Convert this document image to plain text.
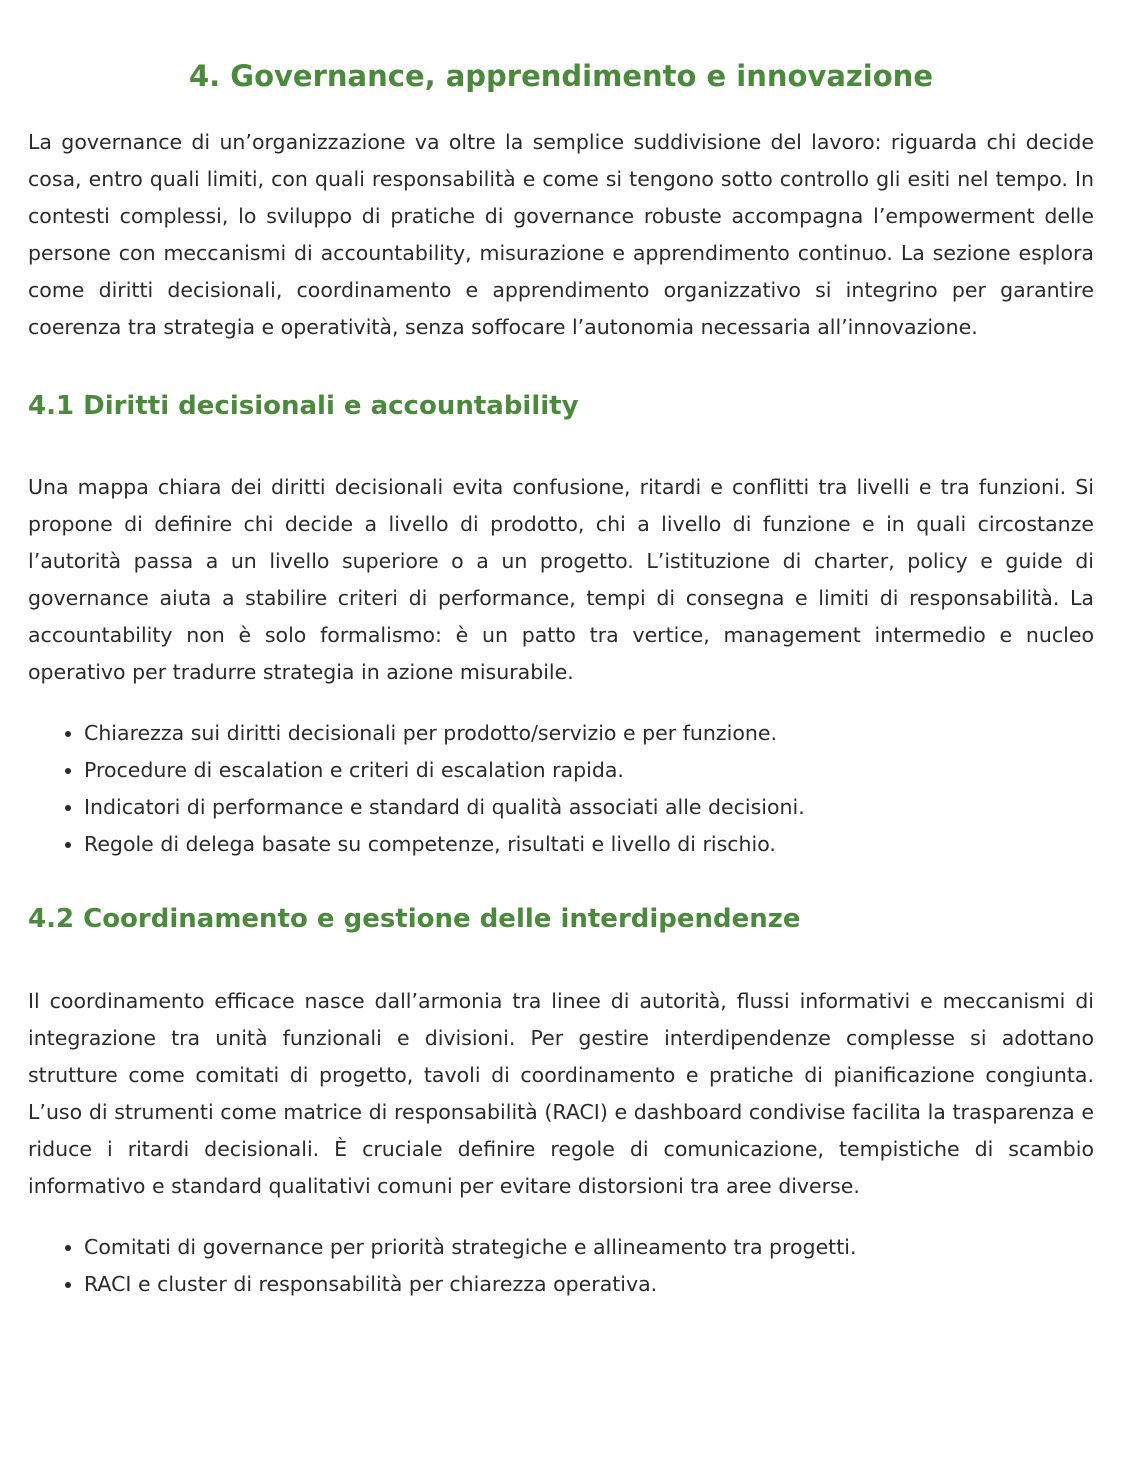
4. Governance, apprendimento e innovazione

La governance di un’organizzazione va oltre la semplice suddivisione del lavoro: riguarda chi decide cosa, entro quali limiti, con quali responsabilità e come si tengono sotto controllo gli esiti nel tempo. In contesti complessi, lo sviluppo di pratiche di governance robuste accompagna l’empowerment delle persone con meccanismi di accountability, misurazione e apprendimento continuo. La sezione esplora come diritti decisionali, coordinamento e apprendimento organizzativo si integrino per garantire coerenza tra strategia e operatività, senza soffocare l’autonomia necessaria all’innovazione.

4.1 Diritti decisionali e accountability

Una mappa chiara dei diritti decisionali evita confusione, ritardi e conflitti tra livelli e tra funzioni. Si propone di definire chi decide a livello di prodotto, chi a livello di funzione e in quali circostanze l’autorità passa a un livello superiore o a un progetto. L’istituzione di charter, policy e guide di governance aiuta a stabilire criteri di performance, tempi di consegna e limiti di responsabilità. La accountability non è solo formalismo: è un patto tra vertice, management intermedio e nucleo operativo per tradurre strategia in azione misurabile.

• Chiarezza sui diritti decisionali per prodotto/servizio e per funzione.
• Procedure di escalation e criteri di escalation rapida.
• Indicatori di performance e standard di qualità associati alle decisioni.
• Regole di delega basate su competenze, risultati e livello di rischio.
4.2 Coordinamento e gestione delle interdipendenze

Il coordinamento efficace nasce dall’armonia tra linee di autorità, flussi informativi e meccanismi di integrazione tra unità funzionali e divisioni. Per gestire interdipendenze complesse si adottano strutture come comitati di progetto, tavoli di coordinamento e pratiche di pianificazione congiunta. L’uso di strumenti come matrice di responsabilità (RACI) e dashboard condivise facilita la trasparenza e riduce i ritardi decisionali. È cruciale definire regole di comunicazione, tempistiche di scambio informativo e standard qualitativi comuni per evitare distorsioni tra aree diverse.

• Comitati di governance per priorità strategiche e allineamento tra progetti.
• RACI e cluster di responsabilità per chiarezza operativa.
